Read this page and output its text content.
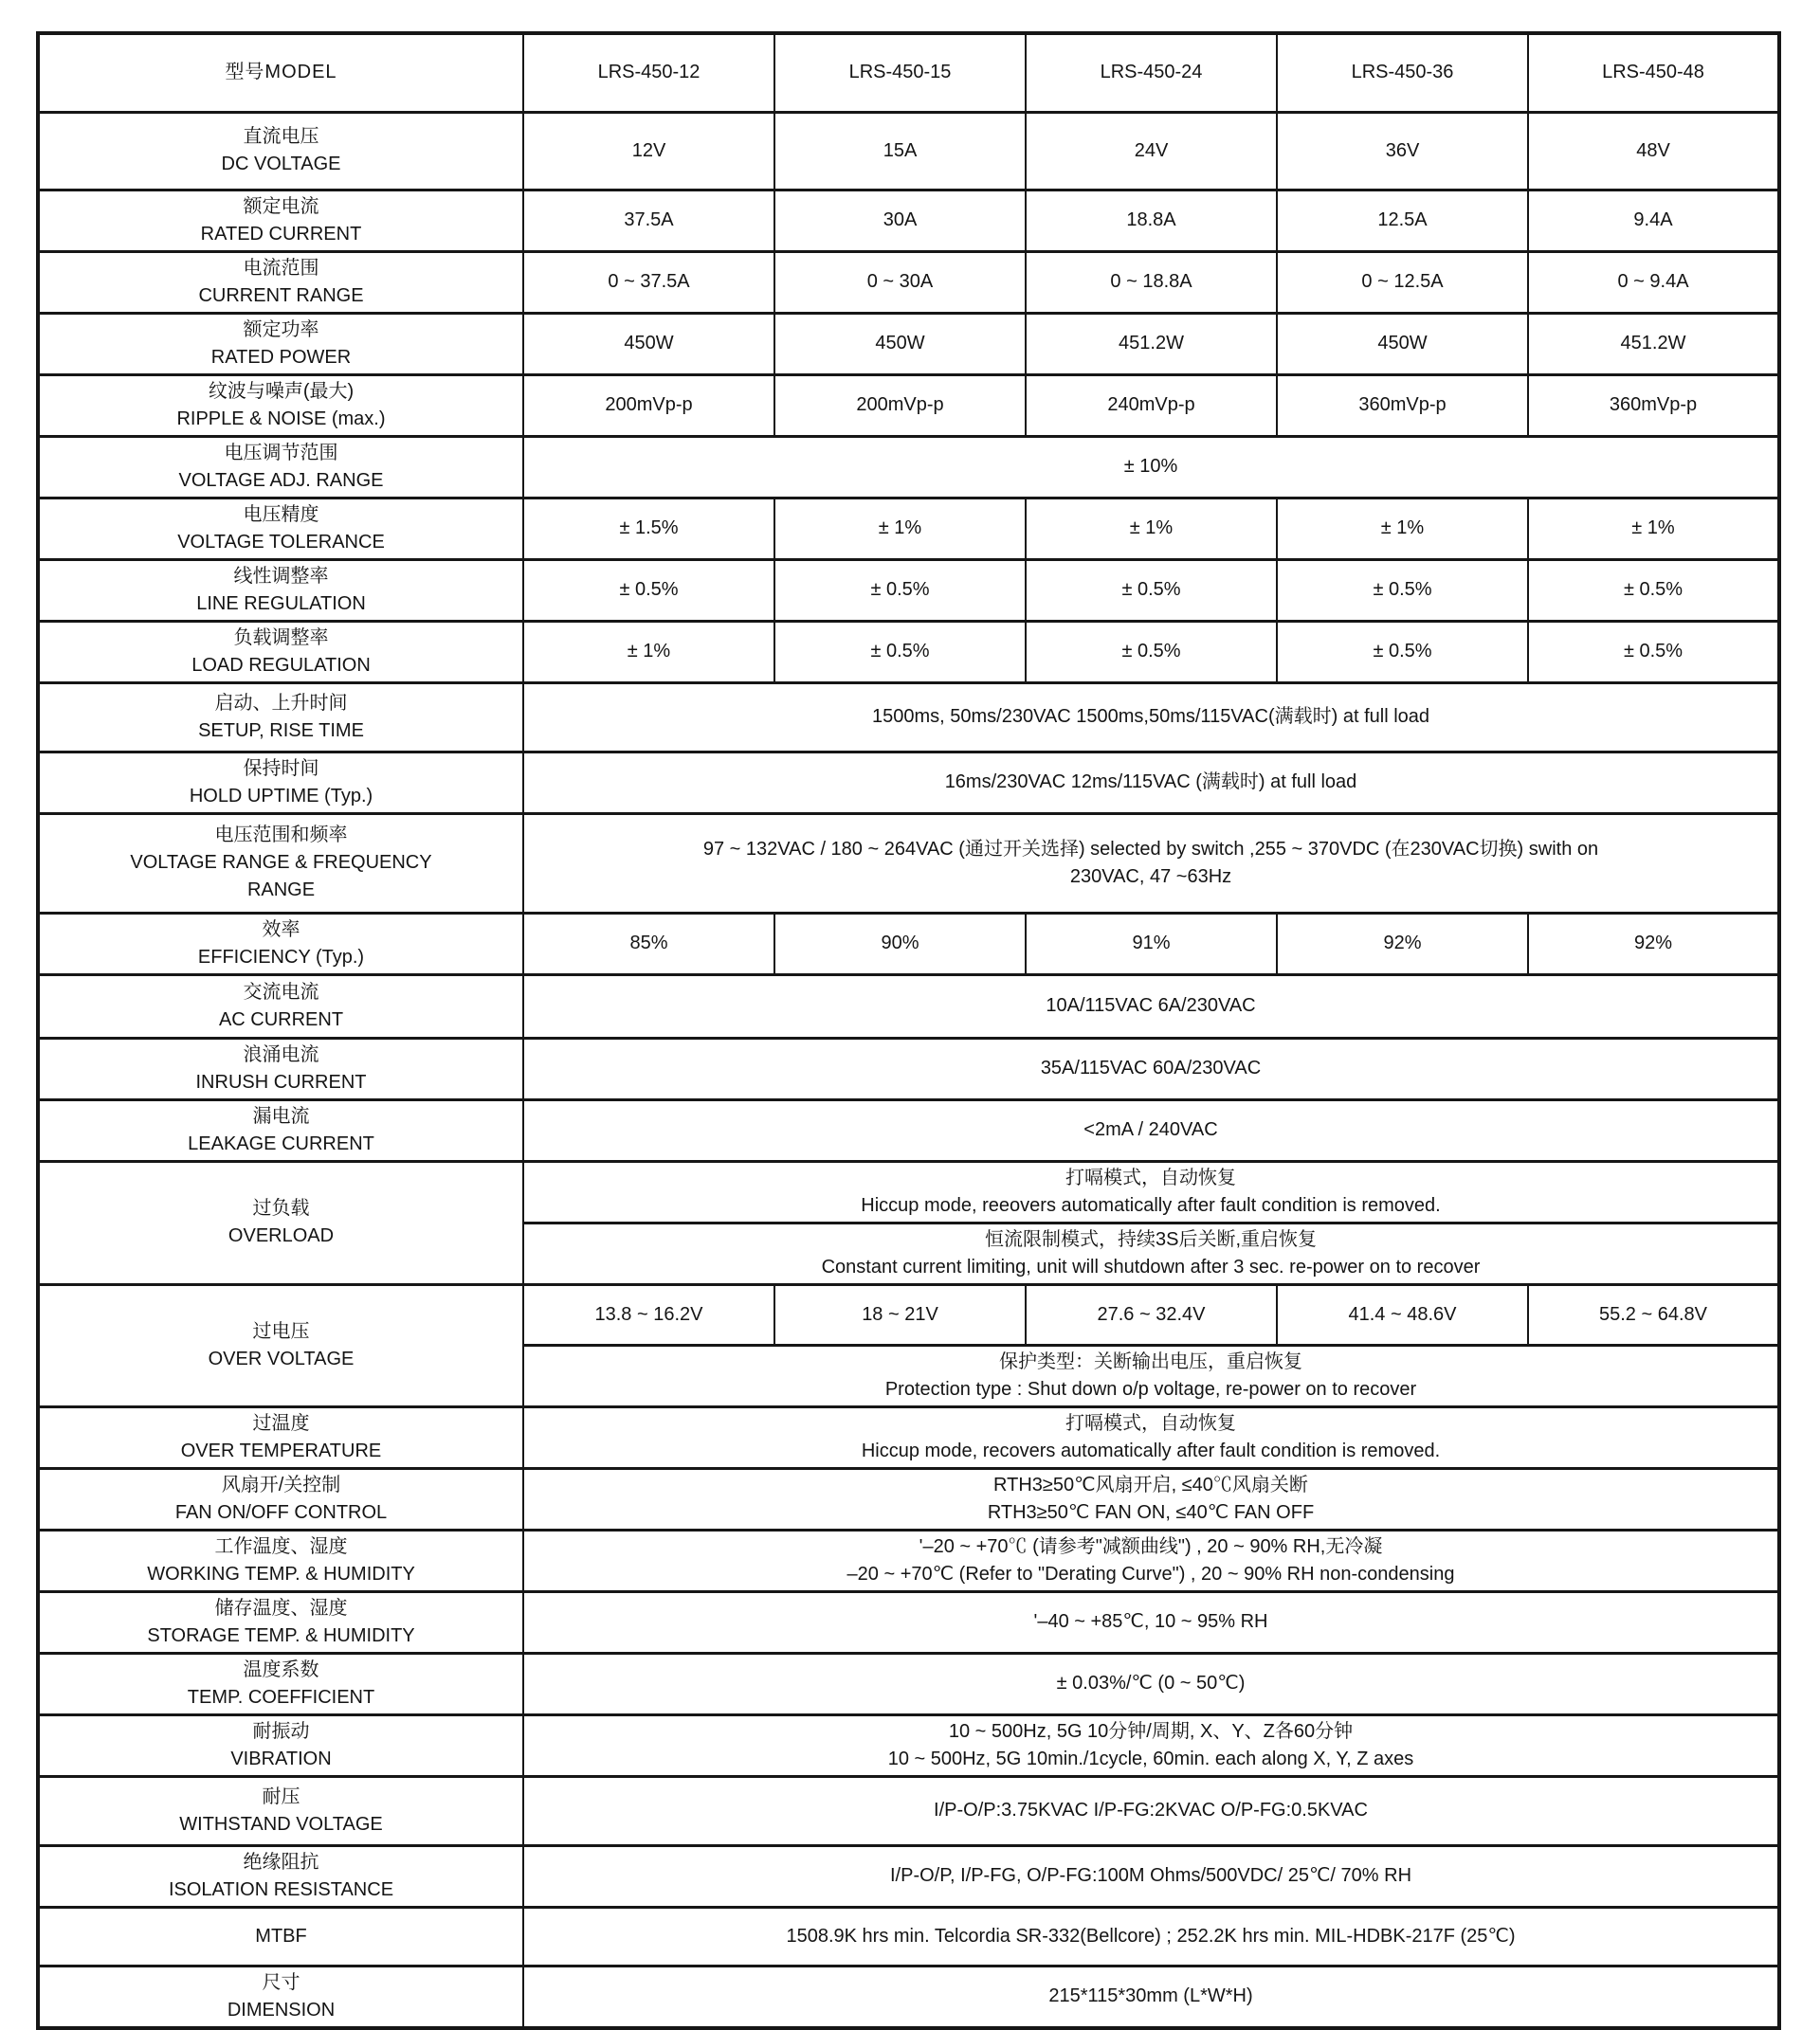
型号MODEL	LRS-450-12	LRS-450-15	LRS-450-24	LRS-450-36	LRS-450-48

直流电压
DC VOLTAGE	12V	15A	24V	36V	48V

额定电流
RATED CURRENT	37.5A	30A	18.8A	12.5A	9.4A

电流范围
CURRENT RANGE	0 ~ 37.5A	0 ~ 30A	0 ~ 18.8A	0 ~ 12.5A	0 ~ 9.4A

额定功率
RATED POWER	450W	450W	451.2W	450W	451.2W

纹波与噪声(最大)
RIPPLE & NOISE (max.)	200mVp-p	200mVp-p	240mVp-p	360mVp-p	360mVp-p

电压调节范围
VOLTAGE ADJ. RANGE	± 10%				

电压精度
VOLTAGE TOLERANCE	± 1.5%	± 1%	± 1%	± 1%	± 1%

线性调整率
LINE REGULATION	± 0.5%	± 0.5%	± 0.5%	± 0.5%	± 0.5%

负载调整率
LOAD REGULATION	± 1%	± 0.5%	± 0.5%	± 0.5%	± 0.5%

启动、上升时间
SETUP, RISE TIME	1500ms, 50ms/230VAC 1500ms,50ms/115VAC(满载时) at full load				

保持时间
HOLD UPTIME (Typ.)	16ms/230VAC 12ms/115VAC (满载时) at full load				

电压范围和频率
VOLTAGE RANGE & FREQUENCY
RANGE	97 ~ 132VAC / 180 ~ 264VAC (通过开关选择) selected by switch ,255 ~ 370VDC (在230VAC切换) swith on
230VAC, 47 ~63Hz				

效率
EFFICIENCY (Typ.)	85%	90%	91%	92%	92%

交流电流
AC CURRENT	10A/115VAC 6A/230VAC				

浪涌电流
INRUSH CURRENT	35A/115VAC 60A/230VAC				

漏电流
LEAKAGE CURRENT	<2mA / 240VAC				

过负载
OVERLOAD	打嗝模式，自动恢复
Hiccup mode, reeovers automatically after fault condition is removed.				

	恒流限制模式，持续3S后关断,重启恢复
Constant current limiting, unit will shutdown after 3 sec. re-power on to recover				

过电压
OVER VOLTAGE	13.8 ~ 16.2V	18 ~ 21V	27.6 ~ 32.4V	41.4 ~ 48.6V	55.2 ~ 64.8V

	保护类型：关断输出电压，重启恢复
Protection type : Shut down o/p voltage, re-power on to recover				

过温度
OVER TEMPERATURE	打嗝模式，自动恢复
Hiccup mode, recovers automatically after fault condition is removed.				

风扇开/关控制
FAN ON/OFF CONTROL	RTH3≥50℃风扇开启, ≤40℃风扇关断
RTH3≥50℃ FAN ON, ≤40℃ FAN OFF				

工作温度、湿度
WORKING TEMP. & HUMIDITY	'–20 ~ +70℃ (请参考"减额曲线") , 20 ~ 90% RH,无冷凝
–20 ~ +70℃ (Refer to "Derating Curve") , 20 ~ 90% RH non-condensing				

储存温度、湿度
STORAGE TEMP. & HUMIDITY	'–40 ~ +85℃, 10 ~ 95% RH				

温度系数
TEMP. COEFFICIENT	± 0.03%/℃ (0 ~ 50℃)				

耐振动
VIBRATION	10 ~ 500Hz, 5G 10分钟/周期, X、Y、Z各60分钟
10 ~ 500Hz, 5G 10min./1cycle, 60min. each along X, Y, Z axes				

耐压
WITHSTAND VOLTAGE	I/P-O/P:3.75KVAC I/P-FG:2KVAC O/P-FG:0.5KVAC				

绝缘阻抗
ISOLATION RESISTANCE	I/P-O/P, I/P-FG, O/P-FG:100M Ohms/500VDC/ 25℃/ 70% RH				

MTBF	1508.9K hrs min. Telcordia SR-332(Bellcore) ; 252.2K hrs min. MIL-HDBK-217F (25℃)				

尺寸
DIMENSION	215*115*30mm (L*W*H)				
